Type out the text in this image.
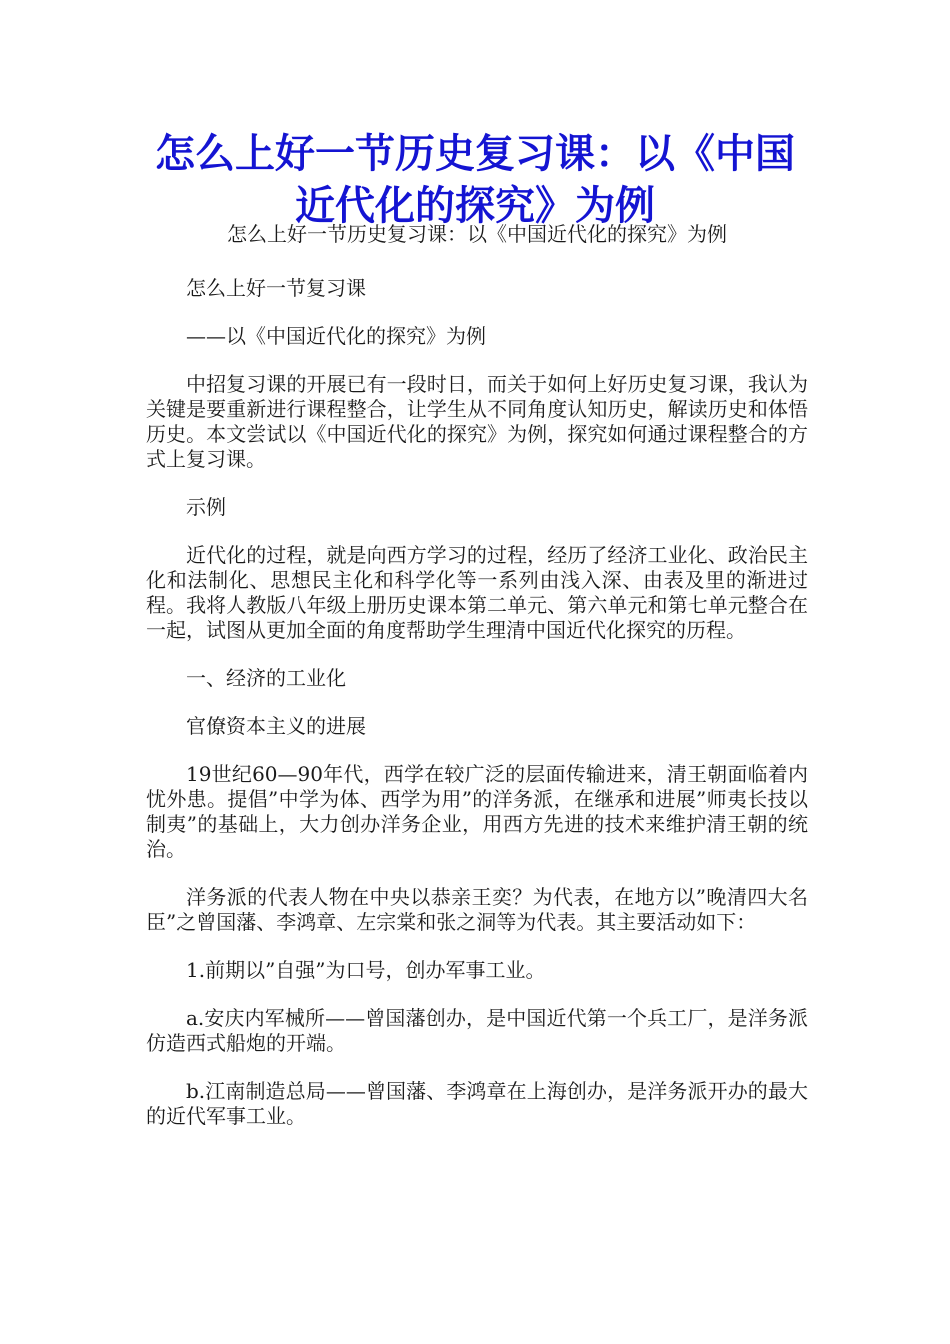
怎么上好一节历史复习课：以《中国近代化的探究》为例

怎么上好一节历史复习课：以《中国近代化的探究》为例

怎么上好一节复习课

——以《中国近代化的探究》为例

中招复习课的开展已有一段时日，而关于如何上好历史复习课，我认为关键是要重新进行课程整合，让学生从不同角度认知历史，解读历史和体悟历史。本文尝试以《中国近代化的探究》为例，探究如何通过课程整合的方式上复习课。

示例

近代化的过程，就是向西方学习的过程，经历了经济工业化、政治民主化和法制化、思想民主化和科学化等一系列由浅入深、由表及里的渐进过程。我将人教版八年级上册历史课本第二单元、第六单元和第七单元整合在一起，试图从更加全面的角度帮助学生理清中国近代化探究的历程。

一、经济的工业化

官僚资本主义的进展

19世纪60—90年代，西学在较广泛的层面传输进来，清王朝面临着内忧外患。提倡”中学为体、西学为用”的洋务派，在继承和进展”师夷长技以制夷”的基础上，大力创办洋务企业，用西方先进的技术来维护清王朝的统治。

洋务派的代表人物在中央以恭亲王奕？为代表，在地方以”晚清四大名臣”之曾国藩、李鸿章、左宗棠和张之洞等为代表。其主要活动如下：

1.前期以”自强”为口号，创办军事工业。

a.安庆内军械所——曾国藩创办，是中国近代第一个兵工厂，是洋务派仿造西式船炮的开端。

b.江南制造总局——曾国藩、李鸿章在上海创办，是洋务派开办的最大的近代军事工业。
